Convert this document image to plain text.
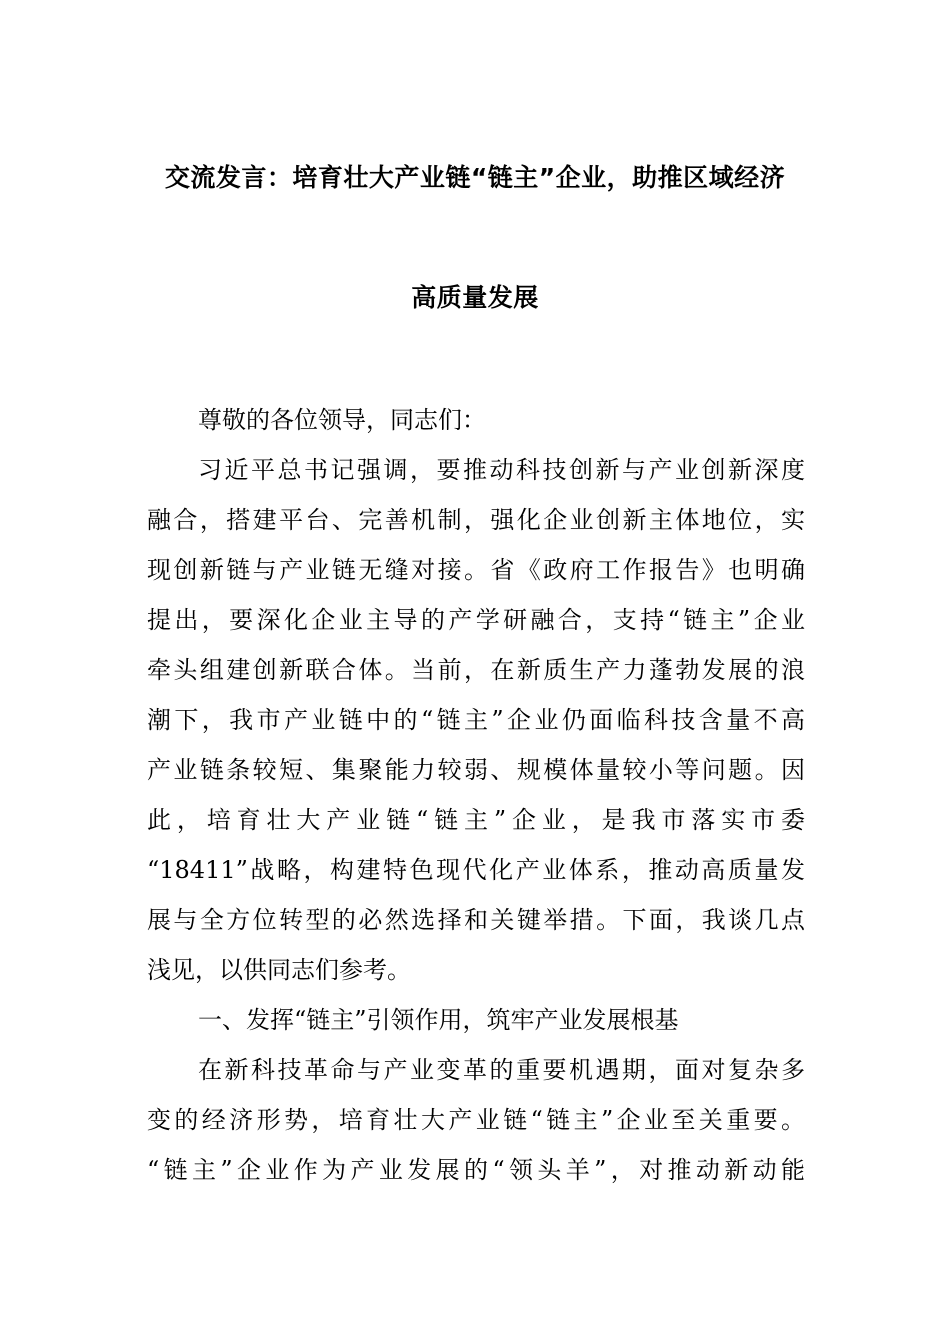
交流发言：培育壮大产业链“链主”企业，助推区域经济
高质量发展
尊敬的各位领导，同志们：
习近平总书记强调，要推动科技创新与产业创新深度
融合，搭建平台、完善机制，强化企业创新主体地位，实
现创新链与产业链无缝对接。省《政府工作报告》也明确
提出，要深化企业主导的产学研融合，支持“链主”企业
牵头组建创新联合体。当前，在新质生产力蓬勃发展的浪
潮下，我市产业链中的“链主”企业仍面临科技含量不高
产业链条较短、集聚能力较弱、规模体量较小等问题。因
此，培育壮大产业链“链主”企业，是我市落实市委
“18411”战略，构建特色现代化产业体系，推动高质量发
展与全方位转型的必然选择和关键举措。下面，我谈几点
浅见，以供同志们参考。
一、发挥“链主”引领作用，筑牢产业发展根基
在新科技革命与产业变革的重要机遇期，面对复杂多
变的经济形势，培育壮大产业链“链主”企业至关重要。
“链主”企业作为产业发展的“领头羊”，对推动新动能
